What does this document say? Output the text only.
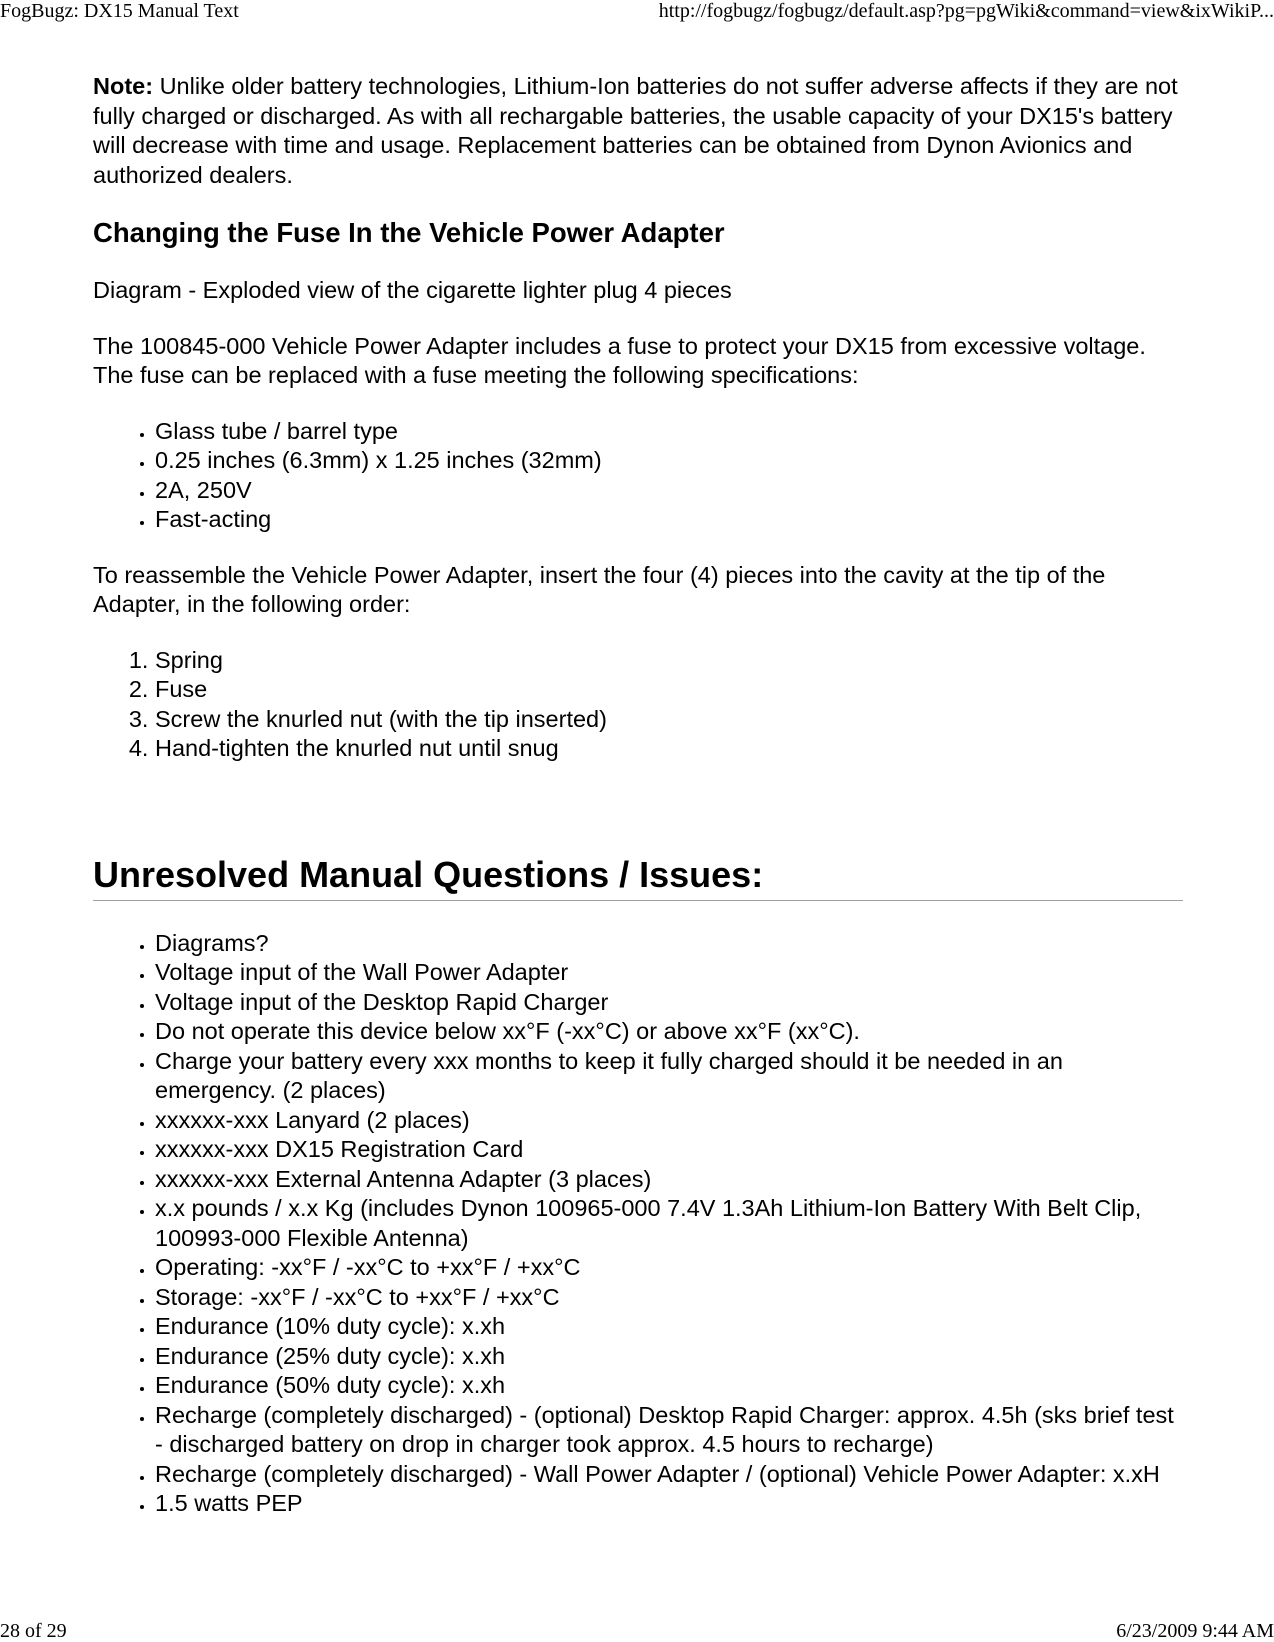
FogBugz: DX15 Manual Text	http://fogbugz/fogbugz/default.asp?pg=pgWiki&command=view&ixWikiP...

Note: Unlike older battery technologies, Lithium-Ion batteries do not suffer adverse affects if they are not fully charged or discharged. As with all rechargable batteries, the usable capacity of your DX15's battery will decrease with time and usage. Replacement batteries can be obtained from Dynon Avionics and authorized dealers.

Changing the Fuse In the Vehicle Power Adapter

Diagram - Exploded view of the cigarette lighter plug 4 pieces

The 100845-000 Vehicle Power Adapter includes a fuse to protect your DX15 from excessive voltage. The fuse can be replaced with a fuse meeting the following specifications:

• Glass tube / barrel type
• 0.25 inches (6.3mm) x 1.25 inches (32mm)
• 2A, 250V
• Fast-acting

To reassemble the Vehicle Power Adapter, insert the four (4) pieces into the cavity at the tip of the Adapter, in the following order:

1. Spring
2. Fuse
3. Screw the knurled nut (with the tip inserted)
4. Hand-tighten the knurled nut until snug
Unresolved Manual Questions / Issues:
• Diagrams?
• Voltage input of the Wall Power Adapter
• Voltage input of the Desktop Rapid Charger
• Do not operate this device below xx°F (-xx°C) or above xx°F (xx°C).
• Charge your battery every xxx months to keep it fully charged should it be needed in an emergency. (2 places)
• xxxxxx-xxx Lanyard (2 places)
• xxxxxx-xxx DX15 Registration Card
• xxxxxx-xxx External Antenna Adapter (3 places)
• x.x pounds / x.x Kg (includes Dynon 100965-000 7.4V 1.3Ah Lithium-Ion Battery With Belt Clip, 100993-000 Flexible Antenna)
• Operating: -xx°F / -xx°C to +xx°F / +xx°C
• Storage: -xx°F / -xx°C to +xx°F / +xx°C
• Endurance (10% duty cycle): x.xh
• Endurance (25% duty cycle): x.xh
• Endurance (50% duty cycle): x.xh
• Recharge (completely discharged) - (optional) Desktop Rapid Charger: approx. 4.5h (sks brief test - discharged battery on drop in charger took approx. 4.5 hours to recharge)
• Recharge (completely discharged) - Wall Power Adapter / (optional) Vehicle Power Adapter: x.xH
• 1.5 watts PEP
28 of 29	6/23/2009 9:44 AM
